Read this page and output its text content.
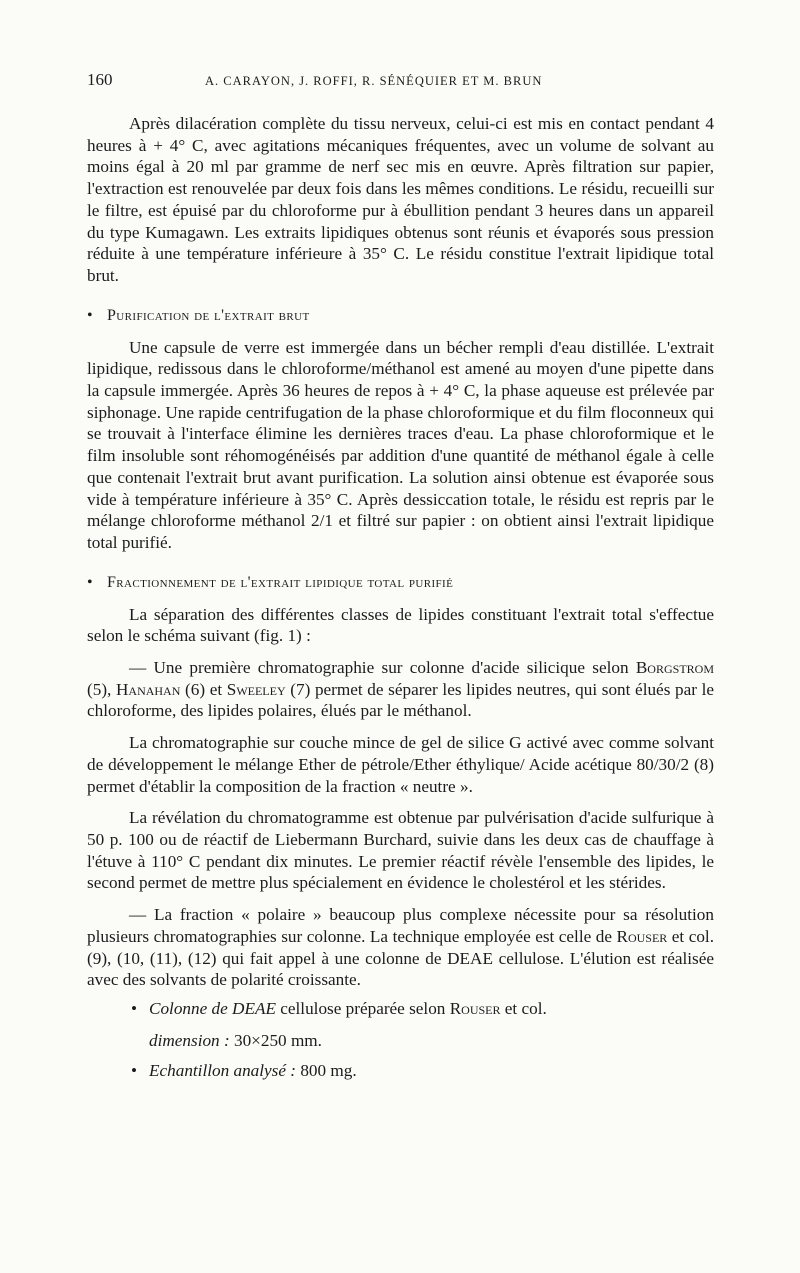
160	A. CARAYON, J. ROFFI, R. SÉNÉQUIER ET M. BRUN

Après dilacération complète du tissu nerveux, celui-ci est mis en contact pendant 4 heures à + 4° C, avec agitations mécaniques fréquentes, avec un volume de solvant au moins égal à 20 ml par gramme de nerf sec mis en œuvre. Après filtration sur papier, l'extraction est renouvelée par deux fois dans les mêmes conditions. Le résidu, recueilli sur le filtre, est épuisé par du chloroforme pur à ébullition pendant 3 heures dans un appareil du type Kumagawn. Les extraits lipidiques obtenus sont réunis et évaporés sous pression réduite à une température inférieure à 35° C. Le résidu constitue l'extrait lipidique total brut.

• Purification de l'extrait brut

Une capsule de verre est immergée dans un bécher rempli d'eau distillée. L'extrait lipidique, redissous dans le chloroforme/méthanol est amené au moyen d'une pipette dans la capsule immergée. Après 36 heures de repos à + 4° C, la phase aqueuse est prélevée par siphonage. Une rapide centrifugation de la phase chloroformique et du film floconneux qui se trouvait à l'interface élimine les dernières traces d'eau. La phase chloroformique et le film insoluble sont réhomogénéisés par addition d'une quantité de méthanol égale à celle que contenait l'extrait brut avant purification. La solution ainsi obtenue est évaporée sous vide à température inférieure à 35° C. Après dessiccation totale, le résidu est repris par le mélange chloroforme méthanol 2/1 et filtré sur papier : on obtient ainsi l'extrait lipidique total purifié.

• Fractionnement de l'extrait lipidique total purifié

La séparation des différentes classes de lipides constituant l'extrait total s'effectue selon le schéma suivant (fig. 1) :

— Une première chromatographie sur colonne d'acide silicique selon Borgstrom (5), Hanahan (6) et Sweeley (7) permet de séparer les lipides neutres, qui sont élués par le chloroforme, des lipides polaires, élués par le méthanol.

La chromatographie sur couche mince de gel de silice G activé avec comme solvant de développement le mélange Ether de pétrole/Ether éthylique/ Acide acétique 80/30/2 (8) permet d'établir la composition de la fraction « neutre ».

La révélation du chromatogramme est obtenue par pulvérisation d'acide sulfurique à 50 p. 100 ou de réactif de Liebermann Burchard, suivie dans les deux cas de chauffage à l'étuve à 110° C pendant dix minutes. Le premier réactif révèle l'ensemble des lipides, le second permet de mettre plus spécialement en évidence le cholestérol et les stérides.

— La fraction « polaire » beaucoup plus complexe nécessite pour sa résolution plusieurs chromatographies sur colonne. La technique employée est celle de Rouser et col. (9), (10, (11), (12) qui fait appel à une colonne de DEAE cellulose. L'élution est réalisée avec des solvants de polarité croissante.

• Colonne de DEAE cellulose préparée selon Rouser et col.

dimension : 30×250 mm.

• Echantillon analysé : 800 mg.
